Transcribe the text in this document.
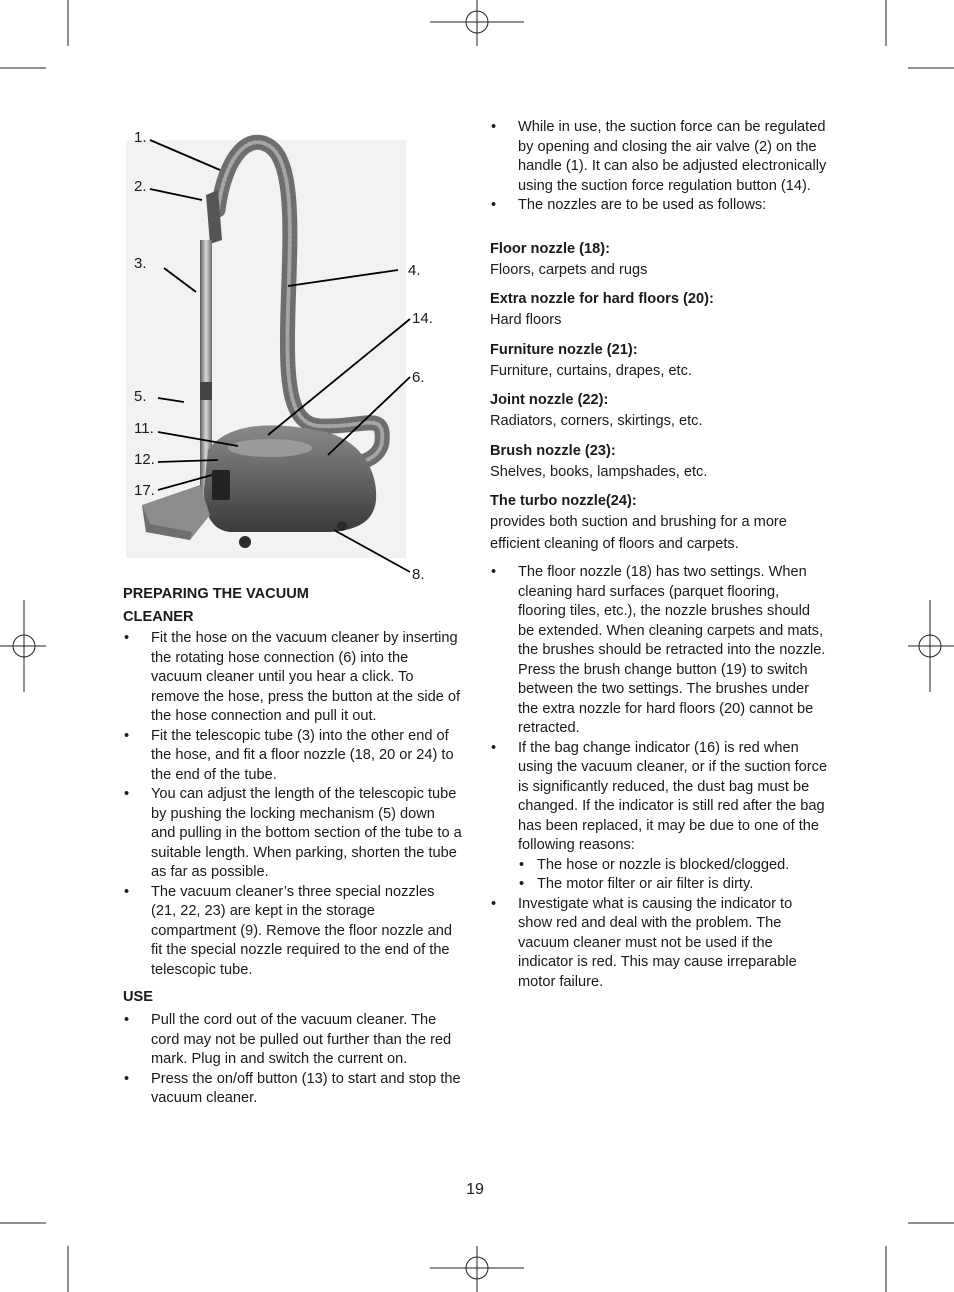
1.
2.
3.	4.
14.
6.
5.
11.
12.
17.
8.

PREPARING THE VACUUM
CLEANER

• Fit the hose on the vacuum cleaner by inserting the rotating hose connection (6) into the vacuum cleaner until you hear a click. To remove the hose, press the button at the side of the hose connection and pull it out.
• Fit the telescopic tube (3) into the other end of the hose, and fit a floor nozzle (18, 20 or 24) to the end of the tube.
• You can adjust the length of the telescopic tube by pushing the locking mechanism (5) down and pulling in the bottom section of the tube to a suitable length. When parking, shorten the tube as far as possible.
• The vacuum cleaner’s three special nozzles (21, 22, 23) are kept in the storage compartment (9). Remove the floor nozzle and fit the special nozzle required to the end of the telescopic tube.

USE

• Pull the cord out of the vacuum cleaner. The cord may not be pulled out further than the red mark. Plug in and switch the current on.
• Press the on/off button (13) to start and stop the vacuum cleaner.
• While in use, the suction force can be regulated by opening and closing the air valve (2) on the handle (1). It can also be adjusted electronically using the suction force regulation button (14).
• The nozzles are to be used as follows:
Floor nozzle (18):
Floors, carpets and rugs
Extra nozzle for hard floors (20):
Hard floors
Furniture nozzle (21):
Furniture, curtains, drapes, etc.
Joint nozzle (22):
Radiators, corners, skirtings, etc.
Brush nozzle (23):
Shelves, books, lampshades, etc.
The turbo nozzle(24):
provides both suction and brushing for a more efficient cleaning of floors and carpets.
• The floor nozzle (18) has two settings. When cleaning hard surfaces (parquet flooring, flooring tiles, etc.), the nozzle brushes should be extended. When cleaning carpets and mats, the brushes should be retracted into the nozzle. Press the brush change button (19) to switch between the two settings. The brushes under the extra nozzle for hard floors (20) cannot be retracted.
• If the bag change indicator (16) is red when using the vacuum cleaner, or if the suction force is significantly reduced, the dust bag must be changed. If the indicator is still red after the bag has been replaced, it may be due to one of the following reasons:
• The hose or nozzle is blocked/clogged.
• The motor filter or air filter is dirty.
• Investigate what is causing the indicator to show red and deal with the problem. The vacuum cleaner must not be used if the indicator is red. This may cause irreparable motor failure.
19
